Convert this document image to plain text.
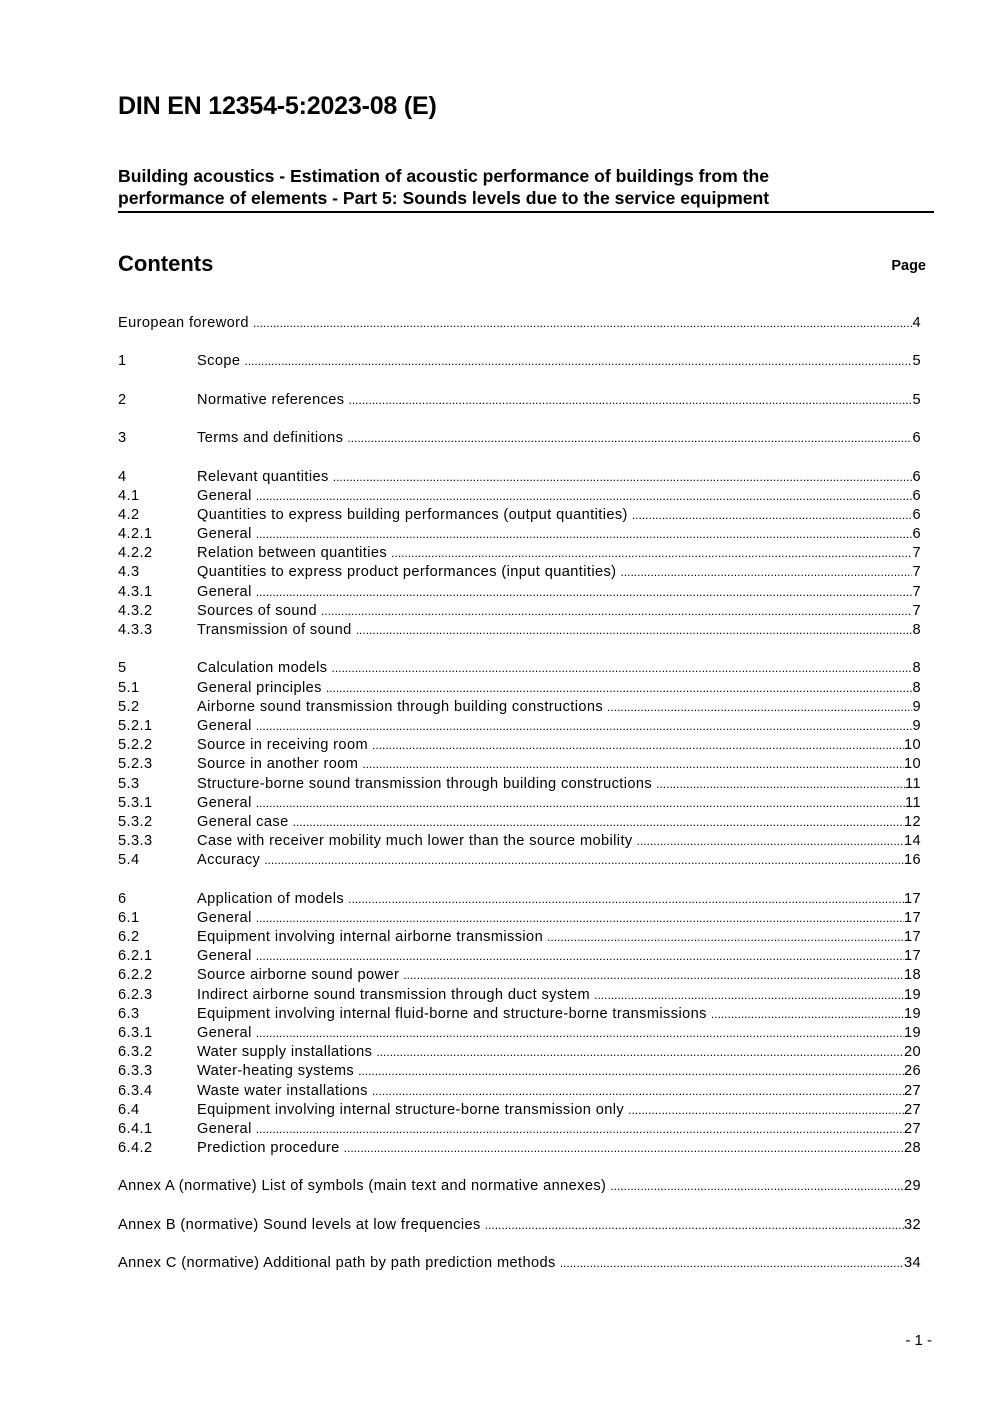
DIN EN 12354-5:2023-08 (E)
Building acoustics - Estimation of acoustic performance of buildings from the
performance of elements - Part 5: Sounds levels due to the service equipment
Contents	Page
European foreword .....	4
1	Scope .....	5
2	Normative references .....	5
3	Terms and definitions .....	6
4	Relevant quantities .....	6
4.1	General .....	6
4.2	Quantities to express building performances (output quantities) .....	6
4.2.1	General .....	6
4.2.2	Relation between quantities .....	7
4.3	Quantities to express product performances (input quantities) .....	7
4.3.1	General .....	7
4.3.2	Sources of sound .....	7
4.3.3	Transmission of sound .....	8
5	Calculation models .....	8
5.1	General principles .....	8
5.2	Airborne sound transmission through building constructions .....	9
5.2.1	General .....	9
5.2.2	Source in receiving room .....	10
5.2.3	Source in another room .....	10
5.3	Structure-borne sound transmission through building constructions .....	11
5.3.1	General .....	11
5.3.2	General case .....	12
5.3.3	Case with receiver mobility much lower than the source mobility .....	14
5.4	Accuracy .....	16
6	Application of models .....	17
6.1	General .....	17
6.2	Equipment involving internal airborne transmission .....	17
6.2.1	General .....	17
6.2.2	Source airborne sound power .....	18
6.2.3	Indirect airborne sound transmission through duct system .....	19
6.3	Equipment involving internal fluid-borne and structure-borne transmissions .....	19
6.3.1	General .....	19
6.3.2	Water supply installations .....	20
6.3.3	Water-heating systems .....	26
6.3.4	Waste water installations .....	27
6.4	Equipment involving internal structure-borne transmission only .....	27
6.4.1	General .....	27
6.4.2	Prediction procedure .....	28
Annex A (normative) List of symbols (main text and normative annexes) .....	29
Annex B (normative) Sound levels at low frequencies .....	32
Annex C (normative) Additional path by path prediction methods .....	34
- 1 -
